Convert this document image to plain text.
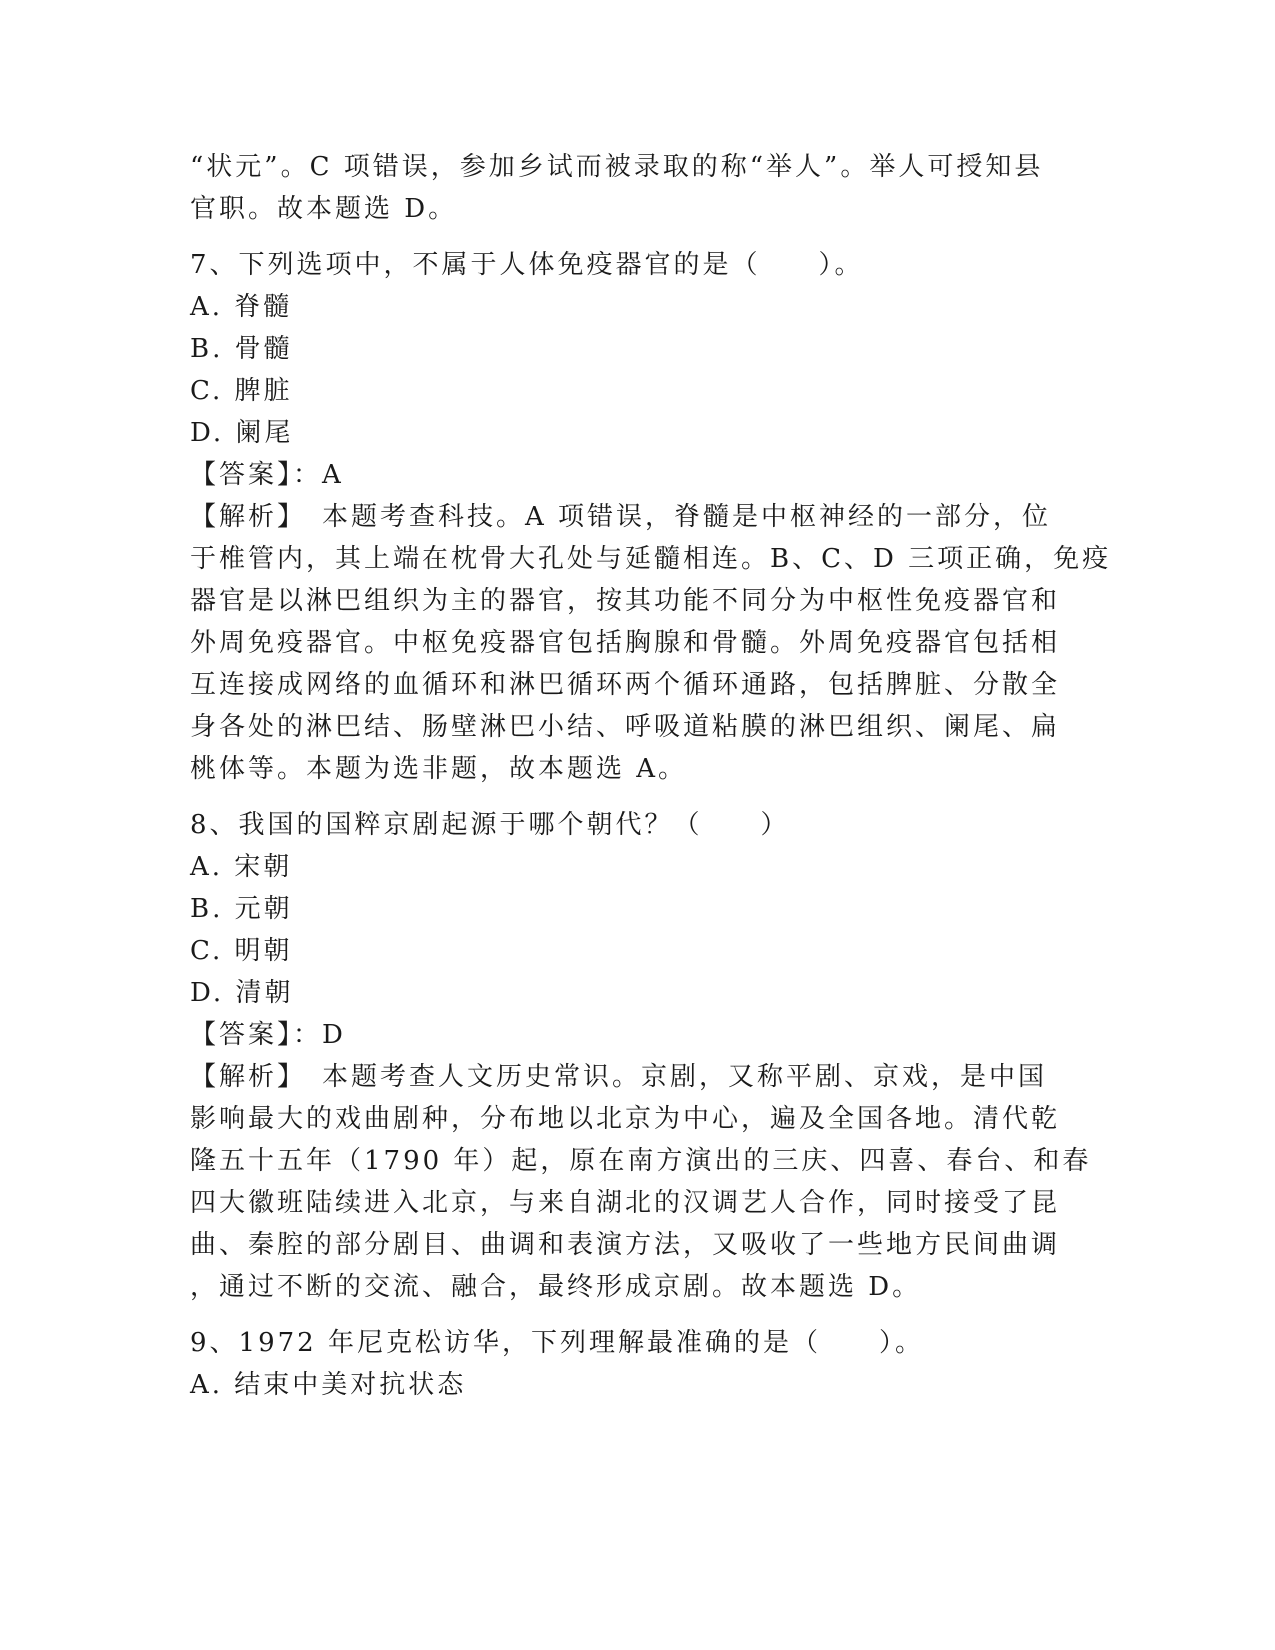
“状元”。C 项错误，参加乡试而被录取的称“举人”。举人可授知县
官职。故本题选 D。
7、下列选项中，不属于人体免疫器官的是（　　）。
A. 脊髓
B. 骨髓
C. 脾脏
D. 阑尾
【答案】：A
【解析】　本题考查科技。A 项错误，脊髓是中枢神经的一部分，位
于椎管内，其上端在枕骨大孔处与延髓相连。B、C、D 三项正确，免疫
器官是以淋巴组织为主的器官，按其功能不同分为中枢性免疫器官和
外周免疫器官。中枢免疫器官包括胸腺和骨髓。外周免疫器官包括相
互连接成网络的血循环和淋巴循环两个循环通路，包括脾脏、分散全
身各处的淋巴结、肠壁淋巴小结、呼吸道粘膜的淋巴组织、阑尾、扁
桃体等。本题为选非题，故本题选 A。
8、我国的国粹京剧起源于哪个朝代？（　　）
A. 宋朝
B. 元朝
C. 明朝
D. 清朝
【答案】：D
【解析】　本题考查人文历史常识。京剧，又称平剧、京戏，是中国
影响最大的戏曲剧种，分布地以北京为中心，遍及全国各地。清代乾
隆五十五年（1790 年）起，原在南方演出的三庆、四喜、春台、和春
四大徽班陆续进入北京，与来自湖北的汉调艺人合作，同时接受了昆
曲、秦腔的部分剧目、曲调和表演方法，又吸收了一些地方民间曲调
，通过不断的交流、融合，最终形成京剧。故本题选 D。
9、1972 年尼克松访华，下列理解最准确的是（　　）。
A. 结束中美对抗状态
